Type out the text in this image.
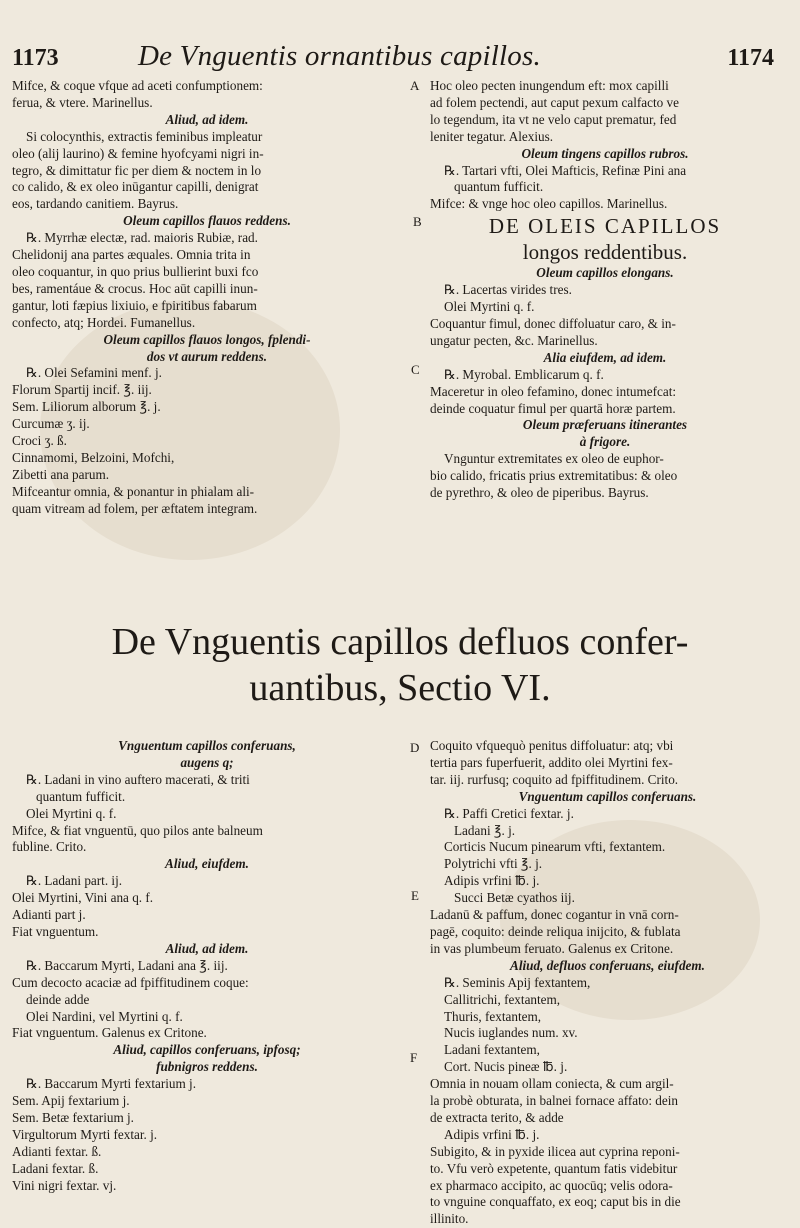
1173	De Vnguentis ornantibus capillos.	1174
A
B
C
D
E
F
Mifce, & coque vfque ad aceti confumptionem:
ferua, & vtere. Marinellus.
Aliud, ad idem.
Si colocynthis, extractis feminibus impleatur
oleo (alij laurino) & femine hyofcyami nigri in-
tegro, & dimittatur fic per diem & noctem in lo
co calido, & ex oleo inūgantur capilli, denigrat
eos, tardando canitiem. Bayrus.
Oleum capillos flauos reddens.
℞. Myrrhæ electæ, rad. maioris Rubiæ, rad.
Chelidonij ana partes æquales. Omnia trita in
oleo coquantur, in quo prius bullierint buxi fco
bes, ramentáue & crocus. Hoc aūt capilli inun-
gantur, loti fæpius lixiuio, e fpiritibus fabarum
confecto, atq; Hordei. Fumanellus.
Oleum capillos flauos longos, fplendi-
dos vt aurum reddens.
℞. Olei Sefamini menf. j.
Florum Spartij incif. ℥. iij.
Sem. Liliorum alborum ℥. j.
Curcumæ ʒ. ij.
Croci ʒ. ß.
Cinnamomi, Belzoini, Mofchi,
Zibetti ana parum.
Mifceantur omnia, & ponantur in phialam ali-
quam vitream ad folem, per æftatem integram.
Hoc oleo pecten inungendum eft: mox capilli
ad folem pectendi, aut caput pexum calfacto ve
lo tegendum, ita vt ne velo caput prematur, fed
leniter tegatur. Alexius.
Oleum tingens capillos rubros.
℞. Tartari vfti, Olei Mafticis, Refinæ Pini ana
quantum fufficit.
Mifce: & vnge hoc oleo capillos. Marinellus.
DE OLEIS CAPILLOS
longos reddentibus.
Oleum capillos elongans.
℞. Lacertas virides tres.
Olei Myrtini q. f.
Coquantur fimul, donec diffoluatur caro, & in-
ungatur pecten, &c. Marinellus.
Alia eiufdem, ad idem.
℞. Myrobal. Emblicarum q. f.
Maceretur in oleo fefamino, donec intumefcat:
deinde coquatur fimul per quartā horæ partem.
Oleum præferuans itinerantes
à frigore.
Vnguntur extremitates ex oleo de euphor-
bio calido, fricatis prius extremitatibus: & oleo
de pyrethro, & oleo de piperibus. Bayrus.
De Vnguentis capillos defluos confer-
uantibus, Sectio VI.
Vnguentum capillos conferuans,
augens q;
℞. Ladani in vino auftero macerati, & triti
quantum fufficit.
Olei Myrtini q. f.
Mifce, & fiat vnguentū, quo pilos ante balneum
fubline. Crito.
Aliud, eiufdem.
℞. Ladani part. ij.
Olei Myrtini, Vini ana q. f.
Adianti part j.
Fiat vnguentum.
Aliud, ad idem.
℞. Baccarum Myrti, Ladani ana ℥. iij.
Cum decocto acaciæ ad fpiffitudinem coque:
deinde adde
Olei Nardini, vel Myrtini q. f.
Fiat vnguentum. Galenus ex Critone.
Aliud, capillos conferuans, ipfosq;
fubnigros reddens.
℞. Baccarum Myrti fextarium j.
Sem. Apij fextarium j.
Sem. Betæ fextarium j.
Virgultorum Myrti fextar. j.
Adianti fextar. ß.
Ladani fextar. ß.
Vini nigri fextar. vj.
Coquito vfquequò penitus diffoluatur: atq; vbi
tertia pars fuperfuerit, addito olei Myrtini fex-
tar. iij. rurfusq; coquito ad fpiffitudinem. Crito.
Vnguentum capillos conferuans.
℞. Paffi Cretici fextar. j.
Ladani ℥. j.
Corticis Nucum pinearum vfti, fextantem.
Polytrichi vfti ℥. j.
Adipis vrfini ℔. j.
Succi Betæ cyathos iij.
Ladanū & paffum, donec cogantur in vnā corn-
pagē, coquito: deinde reliqua inijcito, & fublata
in vas plumbeum feruato. Galenus ex Critone.
Aliud, defluos conferuans, eiufdem.
℞. Seminis Apij fextantem,
Callitrichi, fextantem,
Thuris, fextantem,
Nucis iuglandes num. xv.
Ladani fextantem,
Cort. Nucis pineæ ℔. j.
Omnia in nouam ollam coniecta, & cum argil-
la probè obturata, in balnei fornace affato: dein
de extracta terito, & adde
Adipis vrfini ℔. j.
Subigito, & in pyxide ilicea aut cyprina reponi-
to. Vfu verò expetente, quantum fatis videbitur
ex pharmaco accipito, ac quocūq; velis odora-
to vnguine conquaffato, ex eoq; caput bis in die
illinito.
